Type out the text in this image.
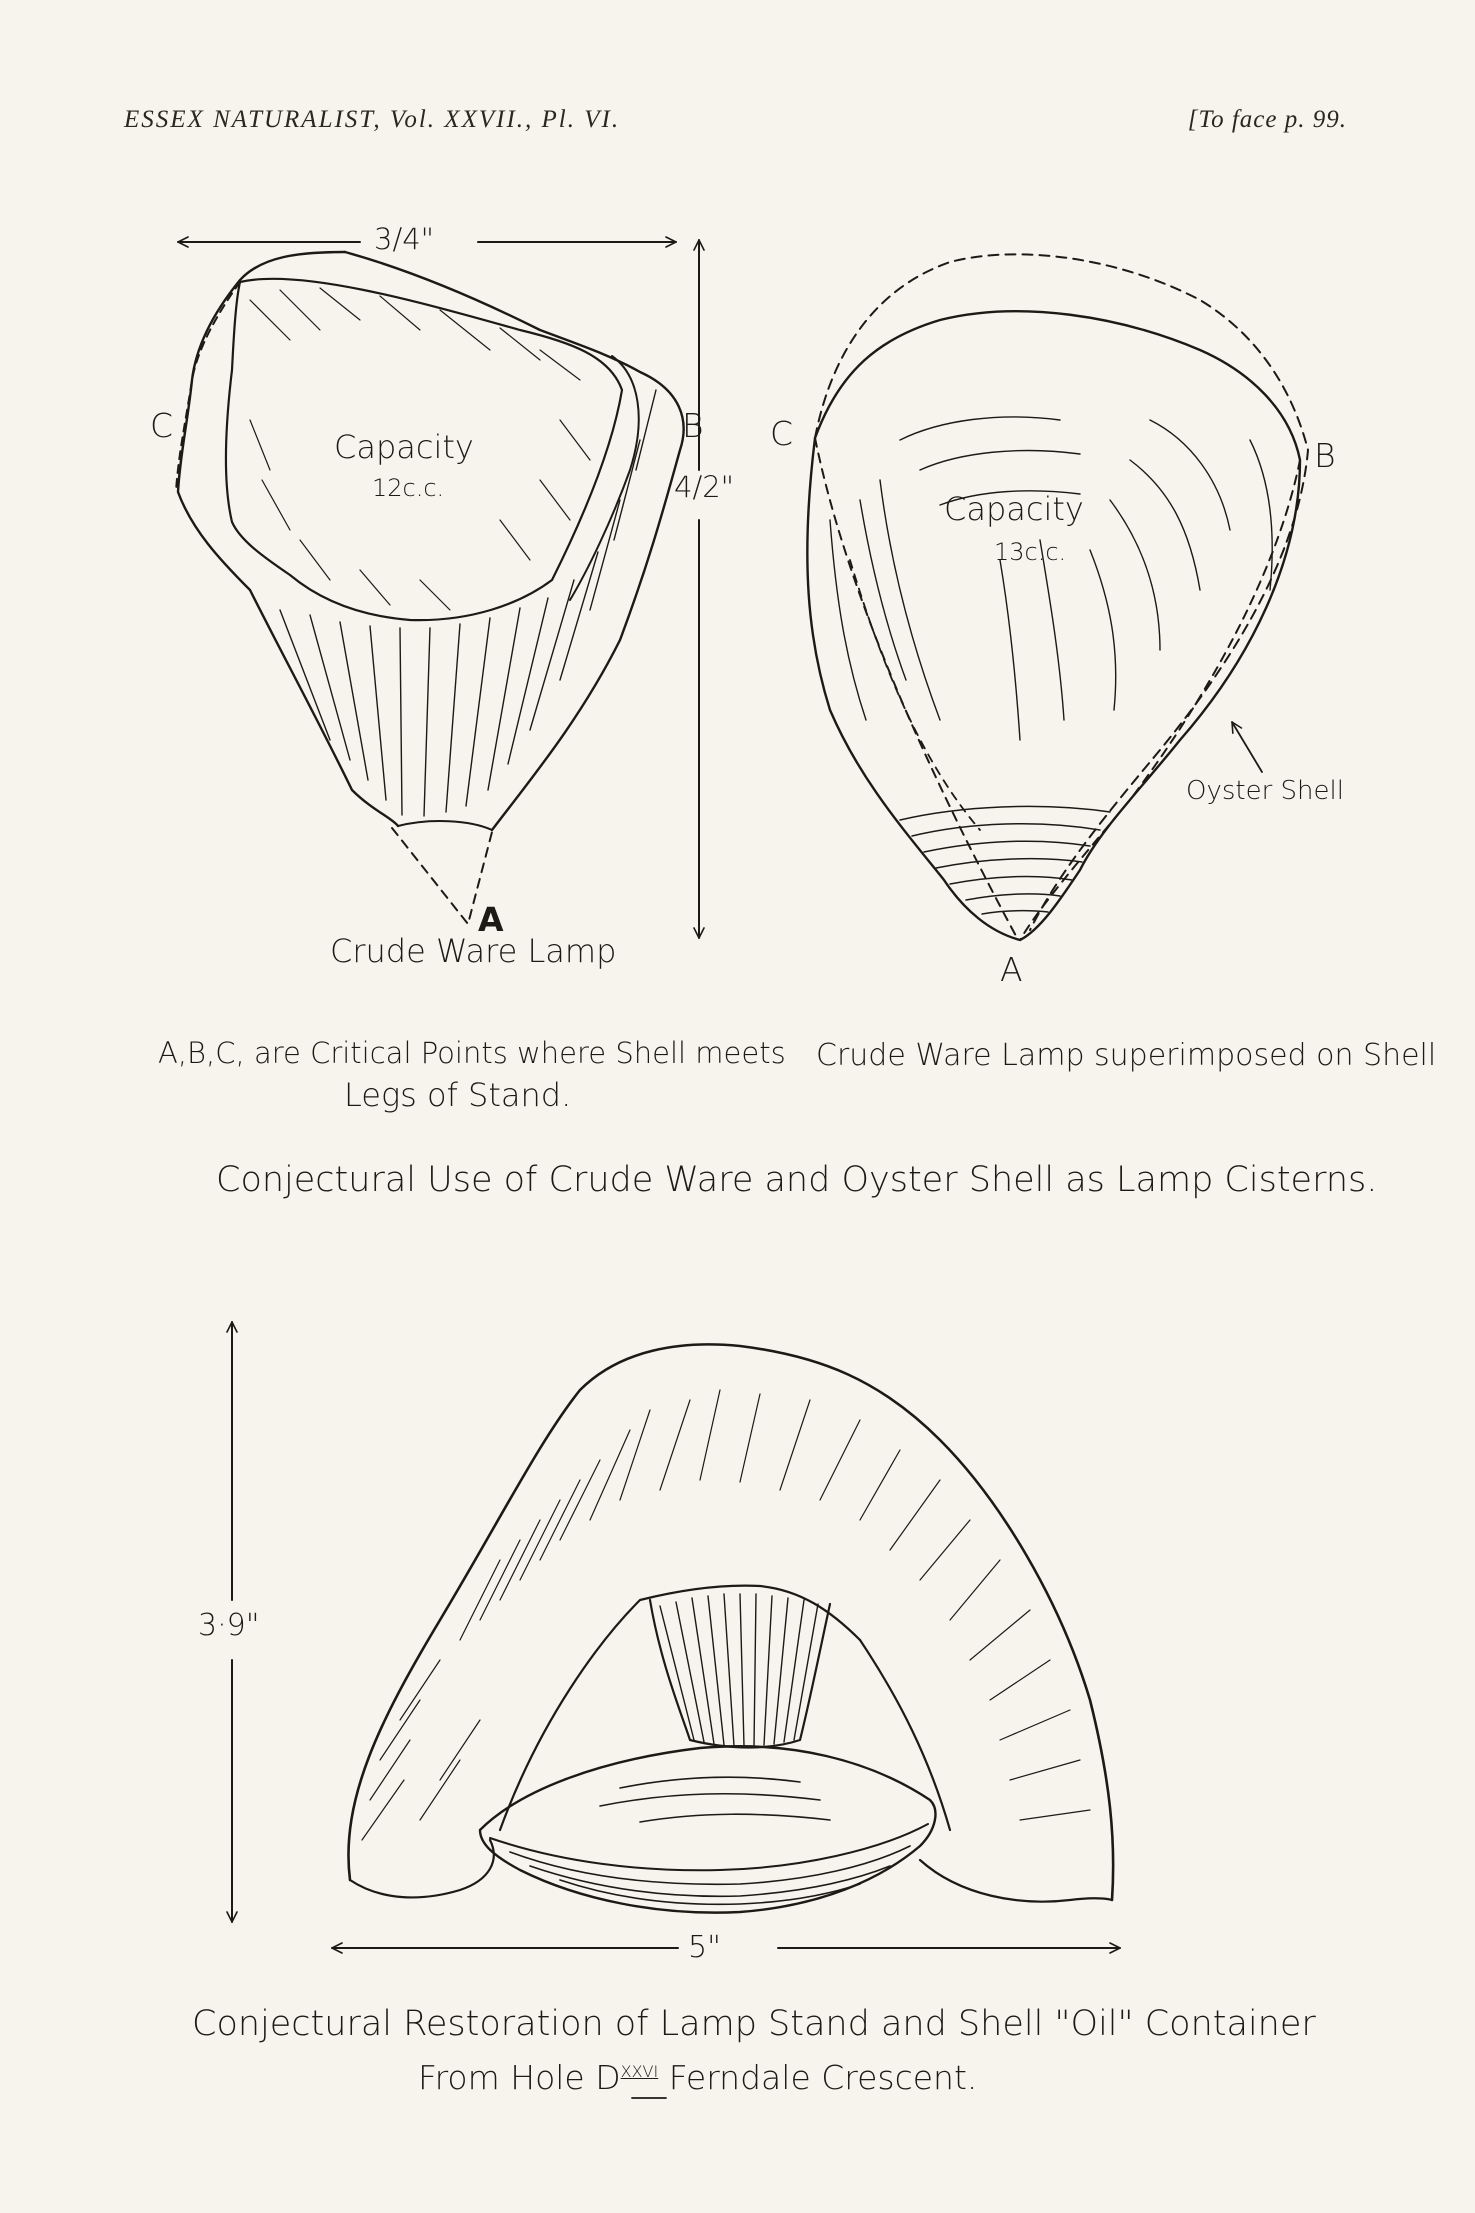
ESSEX NATURALIST, Vol. XXVII., Pl. VI.	[To face p. 99.
3/4"
4/2"
C	B
A
Capacity
12c.c.
Crude Ware Lamp
C
B
A
Capacity
13c.c.
Oyster Shell
Crude Ware Lamp superimposed on Shell
A,B,C, are Critical Points where Shell meets
Legs of Stand.
Conjectural Use of Crude Ware and Oyster Shell as Lamp Cisterns.
3·9"
5"
Conjectural Restoration of Lamp Stand and Shell "Oil" Container
From Hole $D^{XXVI}$ Ferndale Crescent.
